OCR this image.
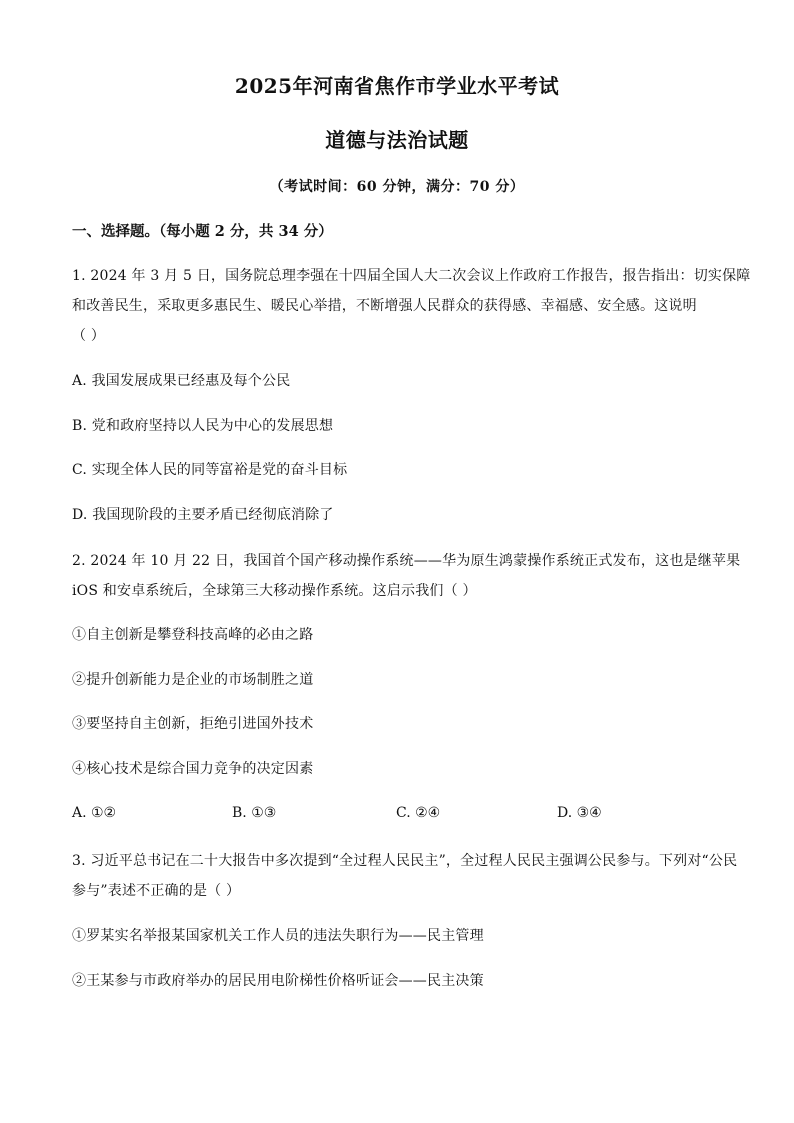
2025年河南省焦作市学业水平考试
道德与法治试题
（考试时间：60 分钟，满分：70 分）
一、选择题。（每小题 2 分，共 34 分）
1. 2024 年 3 月 5 日，国务院总理李强在十四届全国人大二次会议上作政府工作报告，报告指出：切实保障
和改善民生，采取更多惠民生、暖民心举措，不断增强人民群众的获得感、幸福感、安全感。这说明
（ ）
A. 我国发展成果已经惠及每个公民
B. 党和政府坚持以人民为中心的发展思想
C. 实现全体人民的同等富裕是党的奋斗目标
D. 我国现阶段的主要矛盾已经彻底消除了
2. 2024 年 10 月 22 日，我国首个国产移动操作系统——华为原生鸿蒙操作系统正式发布，这也是继苹果
iOS 和安卓系统后，全球第三大移动操作系统。这启示我们（ ）
①自主创新是攀登科技高峰的必由之路
②提升创新能力是企业的市场制胜之道
③要坚持自主创新，拒绝引进国外技术
④核心技术是综合国力竞争的决定因素
A. ①②	B. ①③	C. ②④	D. ③④
3. 习近平总书记在二十大报告中多次提到“全过程人民民主”，全过程人民民主强调公民参与。下列对“公民
参与”表述不正确的是（ ）
①罗某实名举报某国家机关工作人员的违法失职行为——民主管理
②王某参与市政府举办的居民用电阶梯性价格听证会——民主决策
